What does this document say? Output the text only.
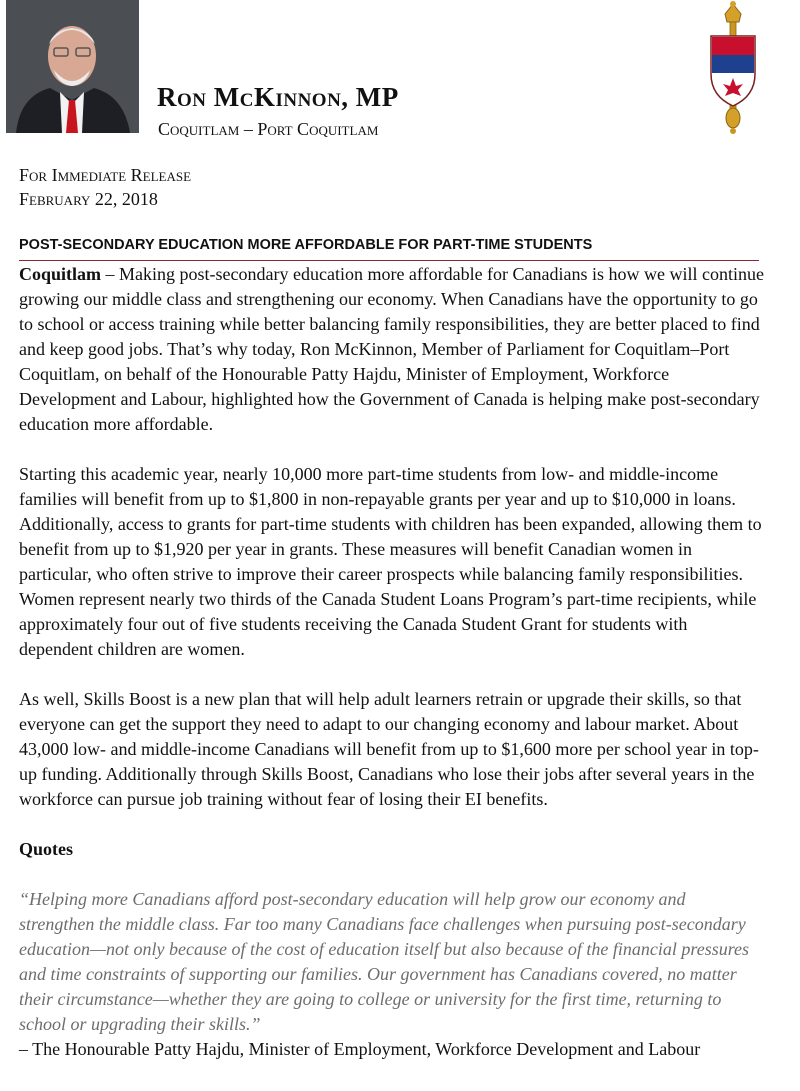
Ron McKinnon, MP
Coquitlam – Port Coquitlam
For Immediate Release
February 22, 2018
POST-SECONDARY EDUCATION MORE AFFORDABLE FOR PART-TIME STUDENTS

Coquitlam – Making post-secondary education more affordable for Canadians is how we will continue growing our middle class and strengthening our economy. When Canadians have the opportunity to go to school or access training while better balancing family responsibilities, they are better placed to find and keep good jobs. That’s why today, Ron McKinnon, Member of Parliament for Coquitlam–Port Coquitlam, on behalf of the Honourable Patty Hajdu, Minister of Employment, Workforce Development and Labour, highlighted how the Government of Canada is helping make post-secondary education more affordable.

Starting this academic year, nearly 10,000 more part-time students from low- and middle-income families will benefit from up to $1,800 in non-repayable grants per year and up to $10,000 in loans. Additionally, access to grants for part-time students with children has been expanded, allowing them to benefit from up to $1,920 per year in grants. These measures will benefit Canadian women in particular, who often strive to improve their career prospects while balancing family responsibilities. Women represent nearly two thirds of the Canada Student Loans Program’s part-time recipients, while approximately four out of five students receiving the Canada Student Grant for students with dependent children are women.

As well, Skills Boost is a new plan that will help adult learners retrain or upgrade their skills, so that everyone can get the support they need to adapt to our changing economy and labour market. About 43,000 low- and middle-income Canadians will benefit from up to $1,600 more per school year in top-up funding. Additionally through Skills Boost, Canadians who lose their jobs after several years in the workforce can pursue job training without fear of losing their EI benefits.

Quotes
“Helping more Canadians afford post-secondary education will help grow our economy and strengthen the middle class. Far too many Canadians face challenges when pursuing post-secondary education—not only because of the cost of education itself but also because of the financial pressures and time constraints of supporting our families. Our government has Canadians covered, no matter their circumstance—whether they are going to college or university for the first time, returning to school or upgrading their skills.”
– The Honourable Patty Hajdu, Minister of Employment, Workforce Development and Labour
